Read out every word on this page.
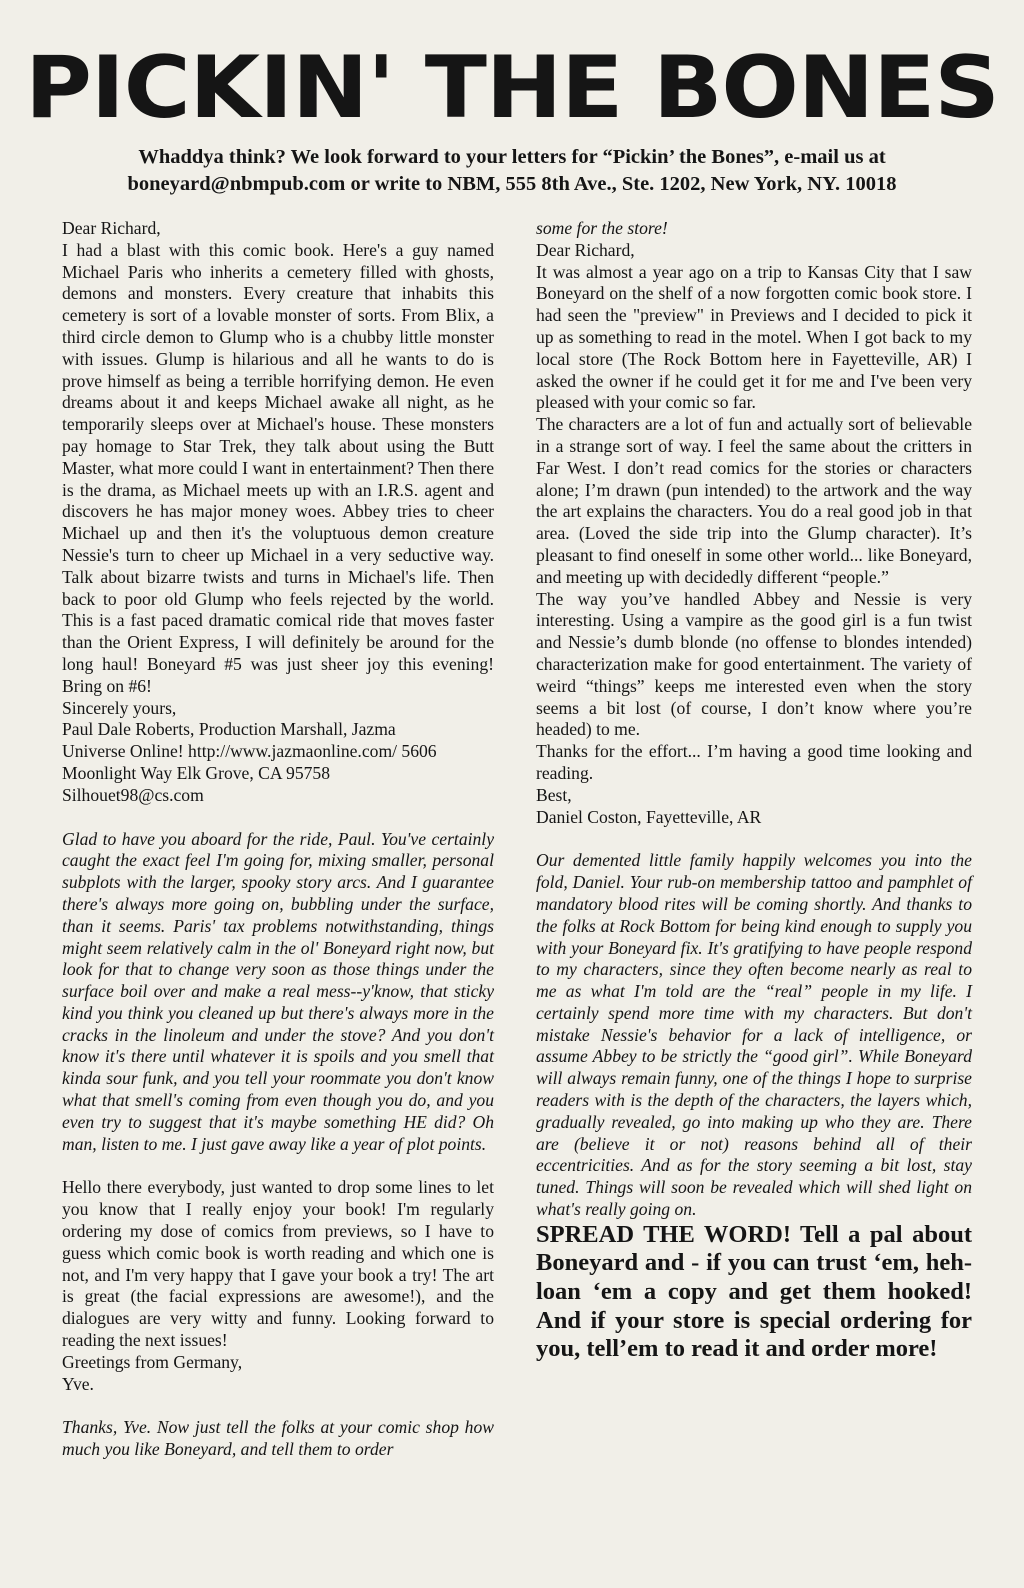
PICKIN' THE BONES
Whaddya think? We look forward to your letters for “Pickin’ the Bones”, e-mail us at
boneyard@nbmpub.com or write to NBM, 555 8th Ave., Ste. 1202, New York, NY. 10018

Dear Richard,

I had a blast with this comic book. Here's a guy named Michael Paris who inherits a cemetery filled with ghosts, demons and monsters. Every creature that inhabits this cemetery is sort of a lovable monster of sorts. From Blix, a third circle demon to Glump who is a chubby little monster with issues. Glump is hilarious and all he wants to do is prove himself as being a terrible horrifying demon. He even dreams about it and keeps Michael awake all night, as he temporarily sleeps over at Michael's house. These monsters pay homage to Star Trek, they talk about using the Butt Master, what more could I want in entertainment? Then there is the drama, as Michael meets up with an I.R.S. agent and discovers he has major money woes. Abbey tries to cheer Michael up and then it's the voluptuous demon creature Nessie's turn to cheer up Michael in a very seductive way. Talk about bizarre twists and turns in Michael's life. Then back to poor old Glump who feels rejected by the world. This is a fast paced dramatic comical ride that moves faster than the Orient Express, I will definitely be around for the long haul! Boneyard #5 was just sheer joy this evening! Bring on #6!

Sincerely yours,

Paul Dale Roberts, Production Marshall, Jazma

Universe Online! http://www.jazmaonline.com/ 5606

Moonlight Way Elk Grove, CA 95758

Silhouet98@cs.com

Glad to have you aboard for the ride, Paul. You've certainly caught the exact feel I'm going for, mixing smaller, personal subplots with the larger, spooky story arcs. And I guarantee there's always more going on, bubbling under the surface, than it seems. Paris' tax problems notwithstanding, things might seem relatively calm in the ol' Boneyard right now, but look for that to change very soon as those things under the surface boil over and make a real mess--y'know, that sticky kind you think you cleaned up but there's always more in the cracks in the linoleum and under the stove? And you don't know it's there until whatever it is spoils and you smell that kinda sour funk, and you tell your roommate you don't know what that smell's coming from even though you do, and you even try to suggest that it's maybe something HE did? Oh man, listen to me. I just gave away like a year of plot points.

Hello there everybody, just wanted to drop some lines to let you know that I really enjoy your book! I'm regularly ordering my dose of comics from previews, so I have to guess which comic book is worth reading and which one is not, and I'm very happy that I gave your book a try! The art is great (the facial expressions are awesome!), and the dialogues are very witty and funny. Looking forward to reading the next issues!

Greetings from Germany,

Yve.

Thanks, Yve. Now just tell the folks at your comic shop how much you like Boneyard, and tell them to order

some for the store!

Dear Richard,

It was almost a year ago on a trip to Kansas City that I saw Boneyard on the shelf of a now forgotten comic book store. I had seen the "preview" in Previews and I decided to pick it up as something to read in the motel. When I got back to my local store (The Rock Bottom here in Fayetteville, AR) I asked the owner if he could get it for me and I've been very pleased with your comic so far.

The characters are a lot of fun and actually sort of believable in a strange sort of way. I feel the same about the critters in Far West. I don’t read comics for the stories or characters alone; I’m drawn (pun intended) to the artwork and the way the art explains the characters. You do a real good job in that area. (Loved the side trip into the Glump character). It’s pleasant to find oneself in some other world... like Boneyard, and meeting up with decidedly different “people.”

The way you’ve handled Abbey and Nessie is very interesting. Using a vampire as the good girl is a fun twist and Nessie’s dumb blonde (no offense to blondes intended) characterization make for good entertainment. The variety of weird “things” keeps me interested even when the story seems a bit lost (of course, I don’t know where you’re headed) to me.

Thanks for the effort... I’m having a good time looking and reading.

Best,

Daniel Coston, Fayetteville, AR

Our demented little family happily welcomes you into the fold, Daniel. Your rub-on membership tattoo and pamphlet of mandatory blood rites will be coming shortly. And thanks to the folks at Rock Bottom for being kind enough to supply you with your Boneyard fix. It's gratifying to have people respond to my characters, since they often become nearly as real to me as what I'm told are the “real” people in my life. I certainly spend more time with my characters. But don't mistake Nessie's behavior for a lack of intelligence, or assume Abbey to be strictly the “good girl”. While Boneyard will always remain funny, one of the things I hope to surprise readers with is the depth of the characters, the layers which, gradually revealed, go into making up who they are. There are (believe it or not) reasons behind all of their eccentricities. And as for the story seeming a bit lost, stay tuned. Things will soon be revealed which will shed light on what's really going on.

SPREAD THE WORD! Tell a pal about Boneyard and - if you can trust ‘em, heh- loan ‘em a copy and get them hooked! And if your store is special ordering for you, tell’em to read it and order more!
